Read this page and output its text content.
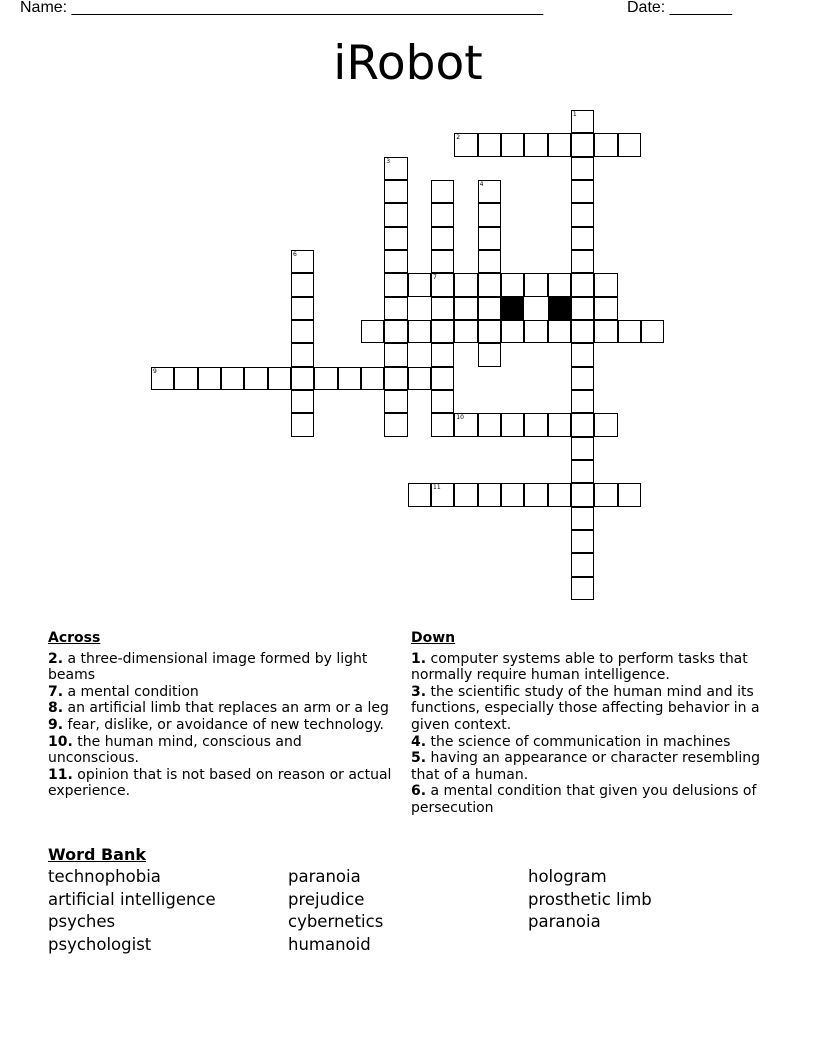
Name: _____________________________________________________	Date: _______
iRobot
1
2
3
4
6
7
9
10
11
Across
2. a three-dimensional image formed by light beams
7. a mental condition
8. an artificial limb that replaces an arm or a leg
9. fear, dislike, or avoidance of new technology.
10. the human mind, conscious and unconscious.
11. opinion that is not based on reason or actual experience.
Down
1. computer systems able to perform tasks that normally require human intelligence.
3. the scientific study of the human mind and its functions, especially those affecting behavior in a given context.
4. the science of communication in machines
5. having an appearance or character resembling that of a human.
6. a mental condition that given you delusions of persecution
Word Bank
technophobia	paranoia	hologram
artificial intelligence	prejudice	prosthetic limb
psyches	cybernetics	paranoia
psychologist	humanoid
